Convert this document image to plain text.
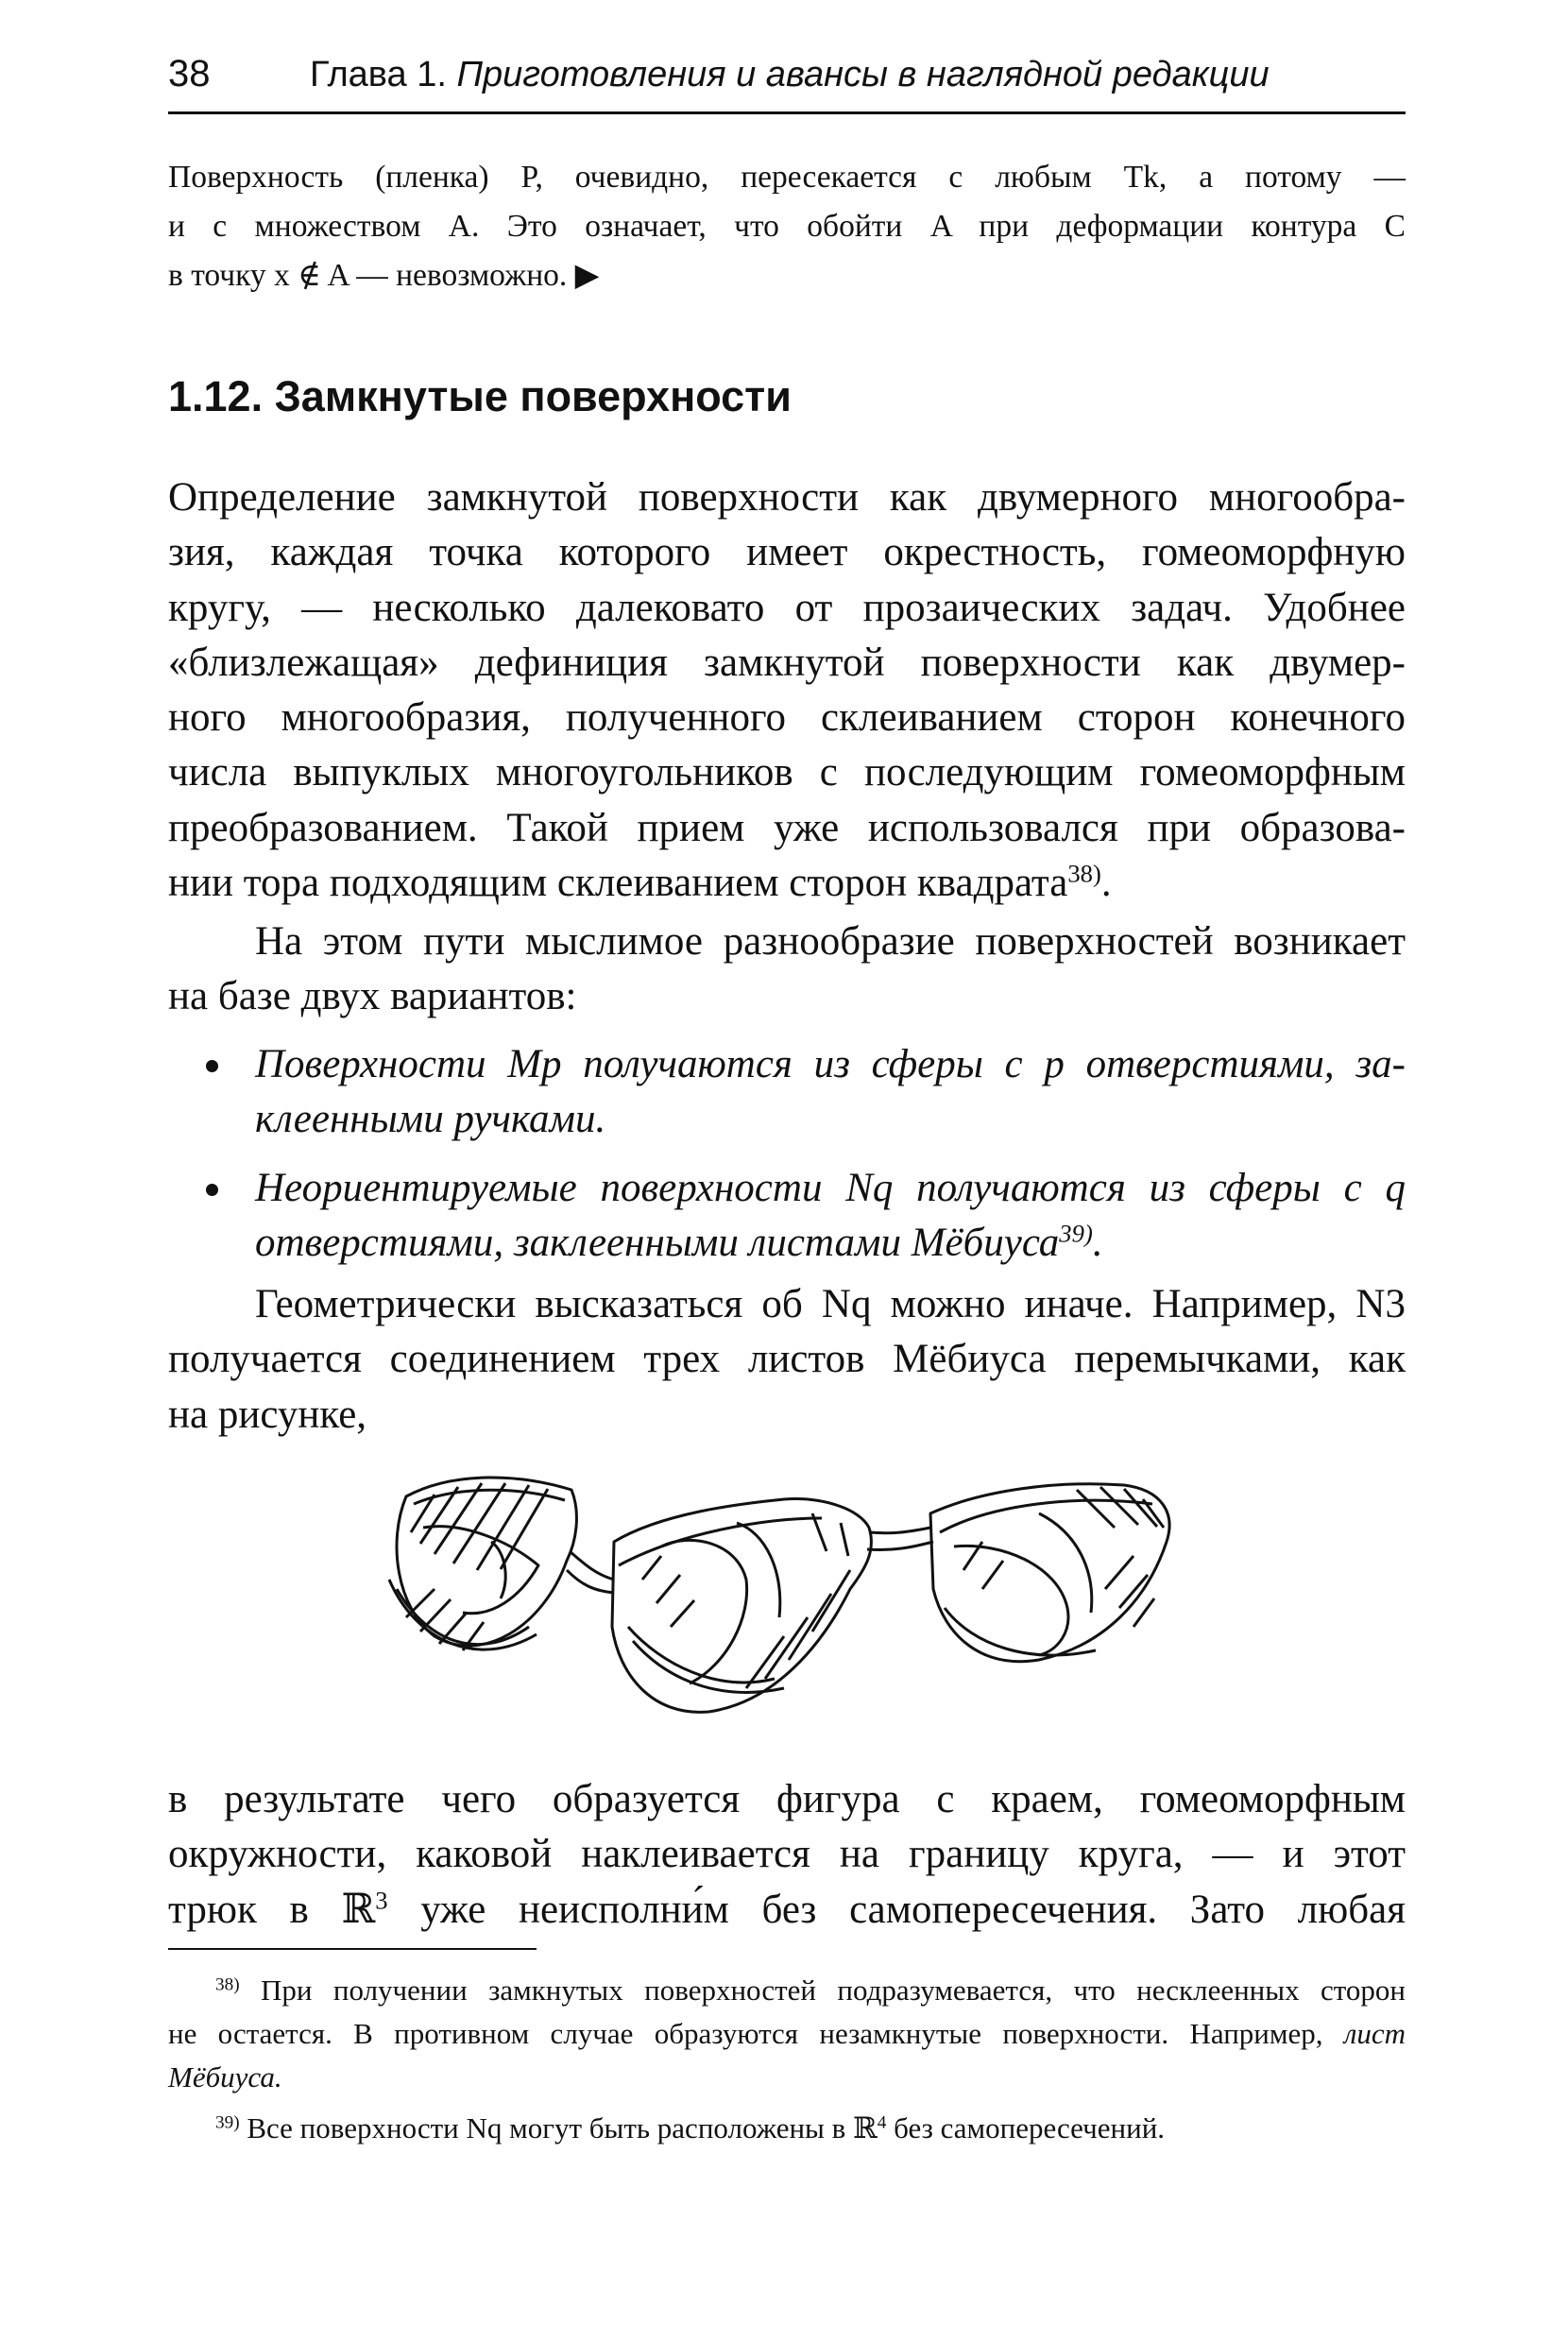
38	Глава 1. Приготовления и авансы в наглядной редакции
Поверхность (пленка) P, очевидно, пересекается с любым Tk, а потому —
и с множеством A. Это означает, что обойти A при деформации контура C
в точку x ∉ A — невозможно. ▶
1.12. Замкнутые поверхности
Определение замкнутой поверхности как двумерного многообра-
зия, каждая точка которого имеет окрестность, гомеоморфную
кругу, — несколько далековато от прозаических задач. Удобнее
«близлежащая» дефиниция замкнутой поверхности как двумер-
ного многообразия, полученного склеиванием сторон конечного
числа выпуклых многоугольников с последующим гомеоморфным
преобразованием. Такой прием уже использовался при образова-
нии тора подходящим склеиванием сторон квадрата$^{38)}$.
На этом пути мыслимое разнообразие поверхностей возникает
на базе двух вариантов:
Поверхности Mp получаются из сферы с p отверстиями, за-
клеенными ручками.
Неориентируемые поверхности Nq получаются из сферы с q
отверстиями, заклеенными листами Мёбиуса$^{39)}$.
Геометрически высказаться об Nq можно иначе. Например, N3
получается соединением трех листов Мёбиуса перемычками, как
на рисунке,
в результате чего образуется фигура с краем, гомеоморфным
окружности, каковой наклеивается на границу круга, — и этот
трюк в ℝ$^3$ уже неисполни́м без самопересечения. Зато любая
$^{38)}$ При получении замкнутых поверхностей подразумевается, что несклеенных сторон
не остается. В противном случае образуются незамкнутые поверхности. Например, лист
Мёбиуса.
$^{39)}$ Все поверхности Nq могут быть расположены в ℝ$^4$ без самопересечений.
